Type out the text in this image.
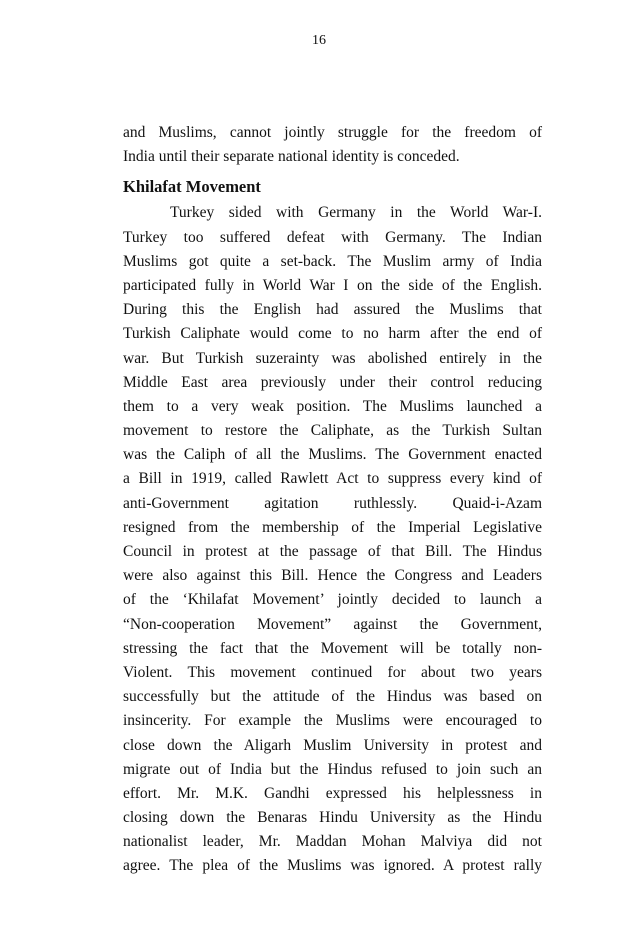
16

and Muslims, cannot jointly struggle for the freedom of
India until their separate national identity is conceded.

Khilafat Movement

Turkey sided with Germany in the World War-I.
Turkey too suffered defeat with Germany. The Indian
Muslims got quite a set-back. The Muslim army of India
participated fully in World War I on the side of the English.
During this the English had assured the Muslims that
Turkish Caliphate would come to no harm after the end of
war. But Turkish suzerainty was abolished entirely in the
Middle East area previously under their control reducing
them to a very weak position. The Muslims launched a
movement to restore the Caliphate, as the Turkish Sultan
was the Caliph of all the Muslims. The Government enacted
a Bill in 1919, called Rawlett Act to suppress every kind of
anti-Government agitation ruthlessly. Quaid-i-Azam
resigned from the membership of the Imperial Legislative
Council in protest at the passage of that Bill. The Hindus
were also against this Bill. Hence the Congress and Leaders
of the ‘Khilafat Movement’ jointly decided to launch a
“Non-cooperation Movement” against the Government,
stressing the fact that the Movement will be totally non-
Violent. This movement continued for about two years
successfully but the attitude of the Hindus was based on
insincerity. For example the Muslims were encouraged to
close down the Aligarh Muslim University in protest and
migrate out of India but the Hindus refused to join such an
effort. Mr. M.K. Gandhi expressed his helplessness in
closing down the Benaras Hindu University as the Hindu
nationalist leader, Mr. Maddan Mohan Malviya did not
agree. The plea of the Muslims was ignored. A protest rally
